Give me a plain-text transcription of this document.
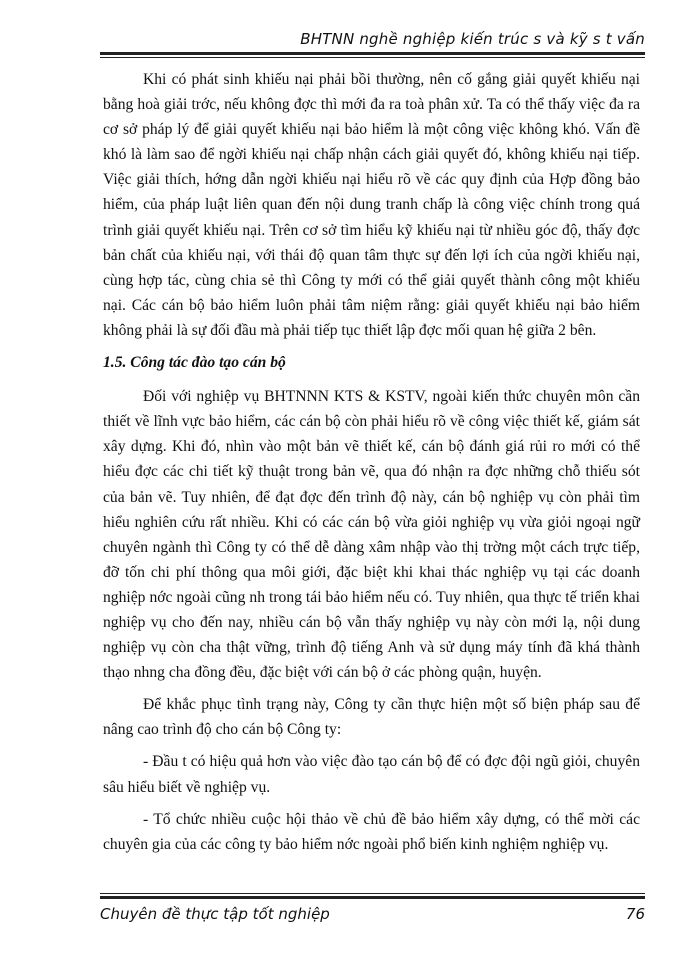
BHTNN nghề nghiệp kiến trúc s và kỹ s t vấn

Khi có phát sinh khiếu nại phải bồi thường, nên cố gắng giải quyết khiếu nại bằng hoà giải trớc, nếu không đợc thì mới đa ra toà phân xử. Ta có thể thấy việc đa ra cơ sở pháp lý để giải quyết khiếu nại bảo hiểm là một công việc không khó. Vấn đề khó là làm sao để ngời khiếu nại chấp nhận cách giải quyết đó, không khiếu nại tiếp. Việc giải thích, hớng dẫn ngời khiếu nại hiểu rõ về các quy định của Hợp đồng bảo hiểm, của pháp luật liên quan đến nội dung tranh chấp là công việc chính trong quá trình giải quyết khiếu nại. Trên cơ sở tìm hiểu kỹ khiếu nại từ nhiều góc độ, thấy đợc bản chất của khiếu nại, với thái độ quan tâm thực sự đến lợi ích của ngời khiếu nại, cùng hợp tác, cùng chia sẻ thì Công ty mới có thể giải quyết thành công một khiếu nại. Các cán bộ bảo hiểm luôn phải tâm niệm rằng: giải quyết khiếu nại bảo hiểm không phải là sự đối đầu mà phải tiếp tục thiết lập đợc mối quan hệ giữa 2 bên.

1.5. Công tác đào tạo cán bộ

Đối với nghiệp vụ BHTNNN KTS & KSTV, ngoài kiến thức chuyên môn cần thiết về lĩnh vực bảo hiểm, các cán bộ còn phải hiểu rõ về công việc thiết kế, giám sát xây dựng. Khi đó, nhìn vào một bản vẽ thiết kế, cán bộ đánh giá rủi ro mới có thể hiểu đợc các chi tiết kỹ thuật trong bản vẽ, qua đó nhận ra đợc những chỗ thiếu sót của bản vẽ. Tuy nhiên, để đạt đợc đến trình độ này, cán bộ nghiệp vụ còn phải tìm hiểu nghiên cứu rất nhiều. Khi có các cán bộ vừa giỏi nghiệp vụ vừa giỏi ngoại ngữ chuyên ngành thì Công ty có thể dễ dàng xâm nhập vào thị trờng một cách trực tiếp, đỡ tốn chi phí thông qua môi giới, đặc biệt khi khai thác nghiệp vụ tại các doanh nghiệp nớc ngoài cũng nh trong tái bảo hiểm nếu có. Tuy nhiên, qua thực tế triển khai nghiệp vụ cho đến nay, nhiều cán bộ vẫn thấy nghiệp vụ này còn mới lạ, nội dung nghiệp vụ còn cha thật vững, trình độ tiếng Anh và sử dụng máy tính đã khá thành thạo nhng cha đồng đều, đặc biệt với cán bộ ở các phòng quận, huyện.

Để khắc phục tình trạng này, Công ty cần thực hiện một số biện pháp sau để nâng cao trình độ cho cán bộ Công ty:

- Đầu t có hiệu quả hơn vào việc đào tạo cán bộ để có đợc đội ngũ giỏi, chuyên sâu hiểu biết về nghiệp vụ.

- Tổ chức nhiều cuộc hội thảo về chủ đề bảo hiểm xây dựng, có thể mời các chuyên gia của các công ty bảo hiểm nớc ngoài phổ biến kinh nghiệm nghiệp vụ.

Chuyên đề thực tập tốt nghiệp	76
